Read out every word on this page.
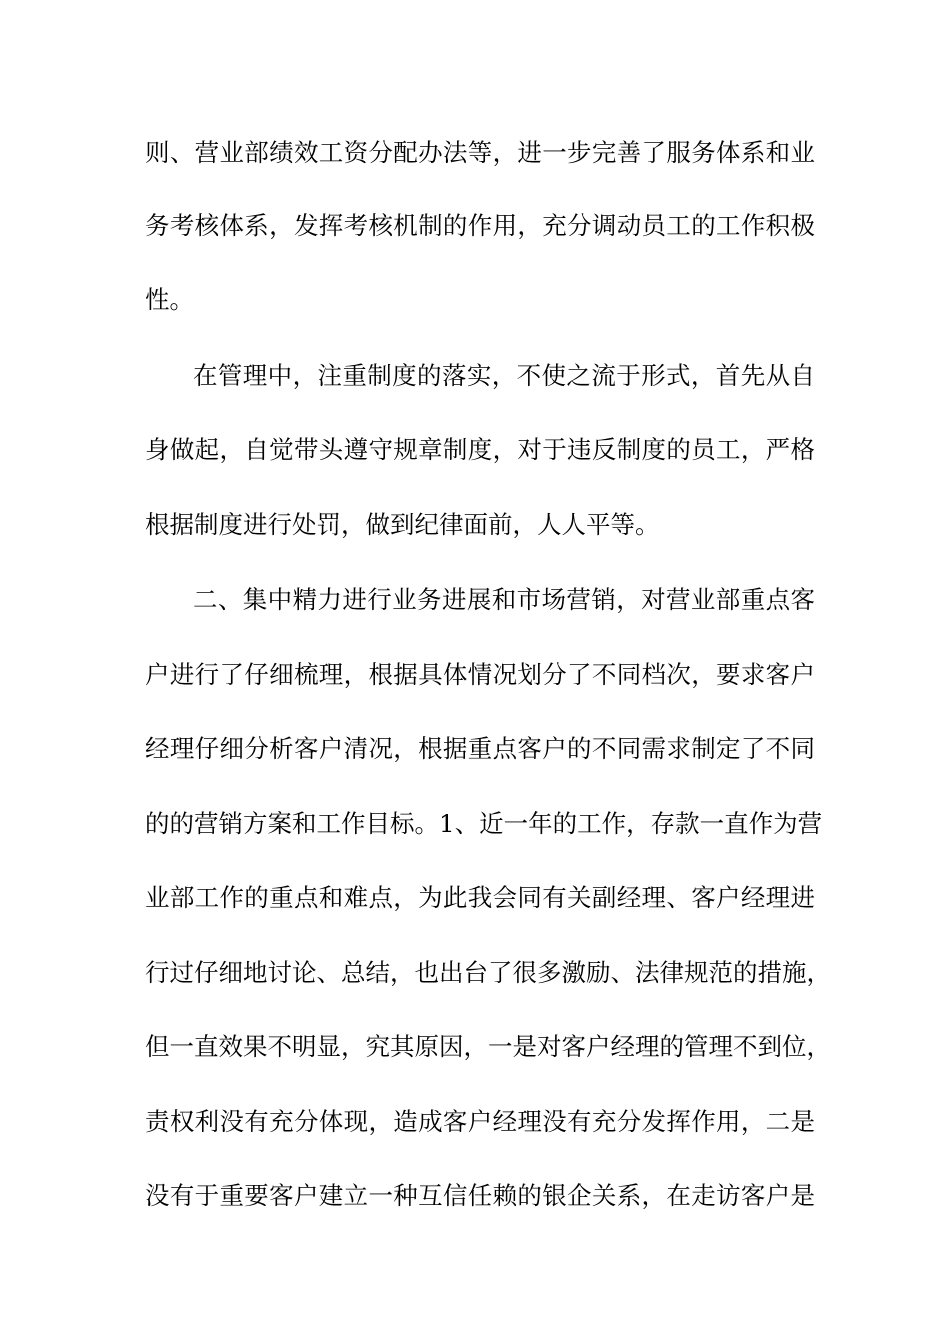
则、营业部绩效工资分配办法等，进一步完善了服务体系和业
务考核体系，发挥考核机制的作用，充分调动员工的工作积极
性。
在管理中，注重制度的落实，不使之流于形式，首先从自
身做起，自觉带头遵守规章制度，对于违反制度的员工，严格
根据制度进行处罚，做到纪律面前，人人平等。
二、集中精力进行业务进展和市场营销，对营业部重点客
户进行了仔细梳理，根据具体情况划分了不同档次，要求客户
经理仔细分析客户清况，根据重点客户的不同需求制定了不同
的的营销方案和工作目标。1、近一年的工作，存款一直作为营
业部工作的重点和难点，为此我会同有关副经理、客户经理进
行过仔细地讨论、总结，也出台了很多激励、法律规范的措施，
但一直效果不明显，究其原因，一是对客户经理的管理不到位，
责权利没有充分体现，造成客户经理没有充分发挥作用，二是
没有于重要客户建立一种互信任赖的银企关系，在走访客户是
